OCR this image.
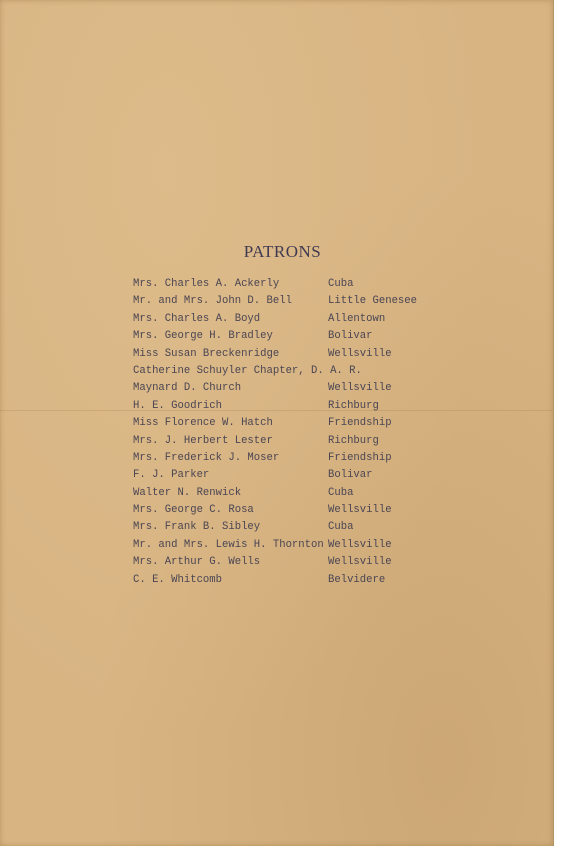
PATRONS
Mrs. Charles A. Ackerly	Cuba
Mr. and Mrs. John D. Bell	Little Genesee
Mrs. Charles A. Boyd	Allentown
Mrs. George H. Bradley	Bolivar
Miss Susan Breckenridge	Wellsville
Catherine Schuyler Chapter, D. A. R.
Maynard D. Church	Wellsville
H. E. Goodrich	Richburg
Miss Florence W. Hatch	Friendship
Mrs. J. Herbert Lester	Richburg
Mrs. Frederick J. Moser	Friendship
F. J. Parker	Bolivar
Walter N. Renwick	Cuba
Mrs. George C. Rosa	Wellsville
Mrs. Frank B. Sibley	Cuba
Mr. and Mrs. Lewis H. Thornton Wellsville
Mrs. Arthur G. Wells	Wellsville
C. E. Whitcomb	Belvidere
